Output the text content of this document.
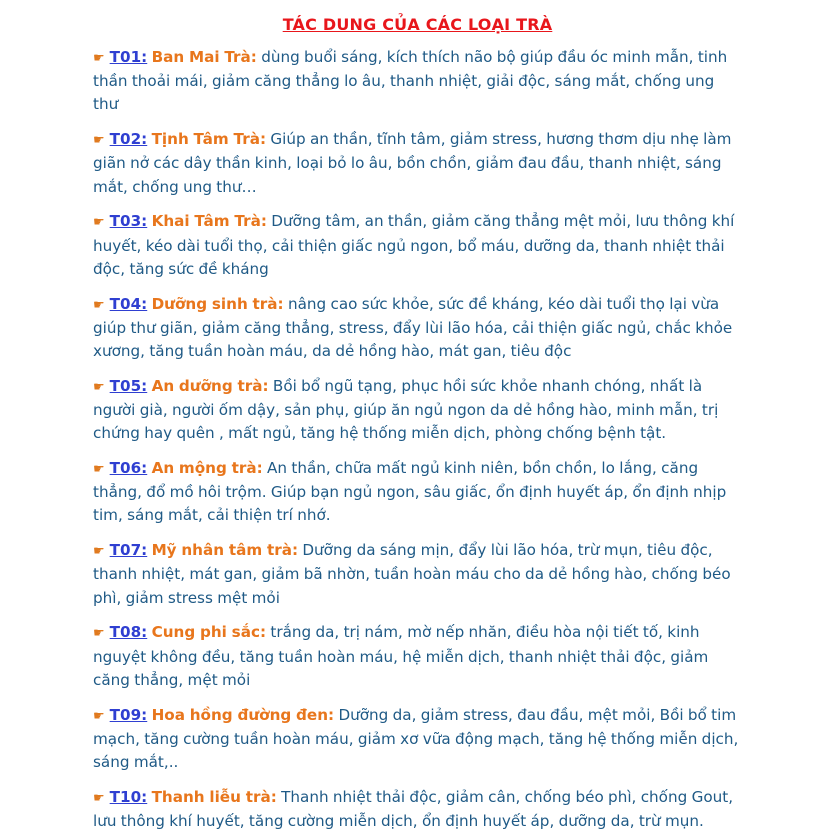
TÁC DUNG CỦA CÁC LOẠI TRÀ
☛ T01: Ban Mai Trà: dùng buổi sáng, kích thích não bộ giúp đầu óc minh mẫn, tinh thần thoải mái, giảm căng thẳng lo âu, thanh nhiệt, giải độc, sáng mắt, chống ung thư
☛ T02: Tịnh Tâm Trà: Giúp an thần, tĩnh tâm, giảm stress, hương thơm dịu nhẹ làm giãn nở các dây thần kinh, loại bỏ lo âu, bồn chồn, giảm đau đầu, thanh nhiệt, sáng mắt, chống ung thư…
☛ T03: Khai Tâm Trà: Dưỡng tâm, an thần, giảm căng thẳng mệt mỏi, lưu thông khí huyết, kéo dài tuổi thọ, cải thiện giấc ngủ ngon, bổ máu, dưỡng da, thanh nhiệt thải độc, tăng sức đề kháng
☛ T04: Dưỡng sinh trà: nâng cao sức khỏe, sức đề kháng, kéo dài tuổi thọ lại vừa giúp thư giãn, giảm căng thẳng, stress, đẩy lùi lão hóa, cải thiện giấc ngủ, chắc khỏe xương, tăng tuần hoàn máu, da dẻ hồng hào, mát gan, tiêu độc
☛ T05: An dưỡng trà: Bồi bổ ngũ tạng, phục hồi sức khỏe nhanh chóng, nhất là người già, người ốm dậy, sản phụ, giúp ăn ngủ ngon da dẻ hồng hào, minh mẫn, trị chứng hay quên , mất ngủ, tăng hệ thống miễn dịch, phòng chống bệnh tật.
☛ T06: An mộng trà: An thần, chữa mất ngủ kinh niên, bồn chồn, lo lắng, căng thẳng, đổ mồ hôi trộm. Giúp bạn ngủ ngon, sâu giấc, ổn định huyết áp, ổn định nhịp tim, sáng mắt, cải thiện trí nhớ.
☛ T07: Mỹ nhân tâm trà: Dưỡng da sáng mịn, đẩy lùi lão hóa, trừ mụn, tiêu độc, thanh nhiệt, mát gan, giảm bã nhờn, tuần hoàn máu cho da dẻ hồng hào, chống béo phì, giảm stress mệt mỏi
☛ T08: Cung phi sắc: trắng da, trị nám, mờ nếp nhăn, điều hòa nội tiết tố, kinh nguyệt không đều, tăng tuần hoàn máu, hệ miễn dịch, thanh nhiệt thải độc, giảm căng thẳng, mệt mỏi
☛ T09: Hoa hồng đường đen: Dưỡng da, giảm stress, đau đầu, mệt mỏi, Bồi bổ tim mạch, tăng cường tuần hoàn máu, giảm xơ vữa động mạch, tăng hệ thống miễn dịch, sáng mắt,..
☛ T10: Thanh liễu trà: Thanh nhiệt thải độc, giảm cân, chống béo phì, chống Gout, lưu thông khí huyết, tăng cường miễn dịch, ổn định huyết áp, dưỡng da, trừ mụn.
